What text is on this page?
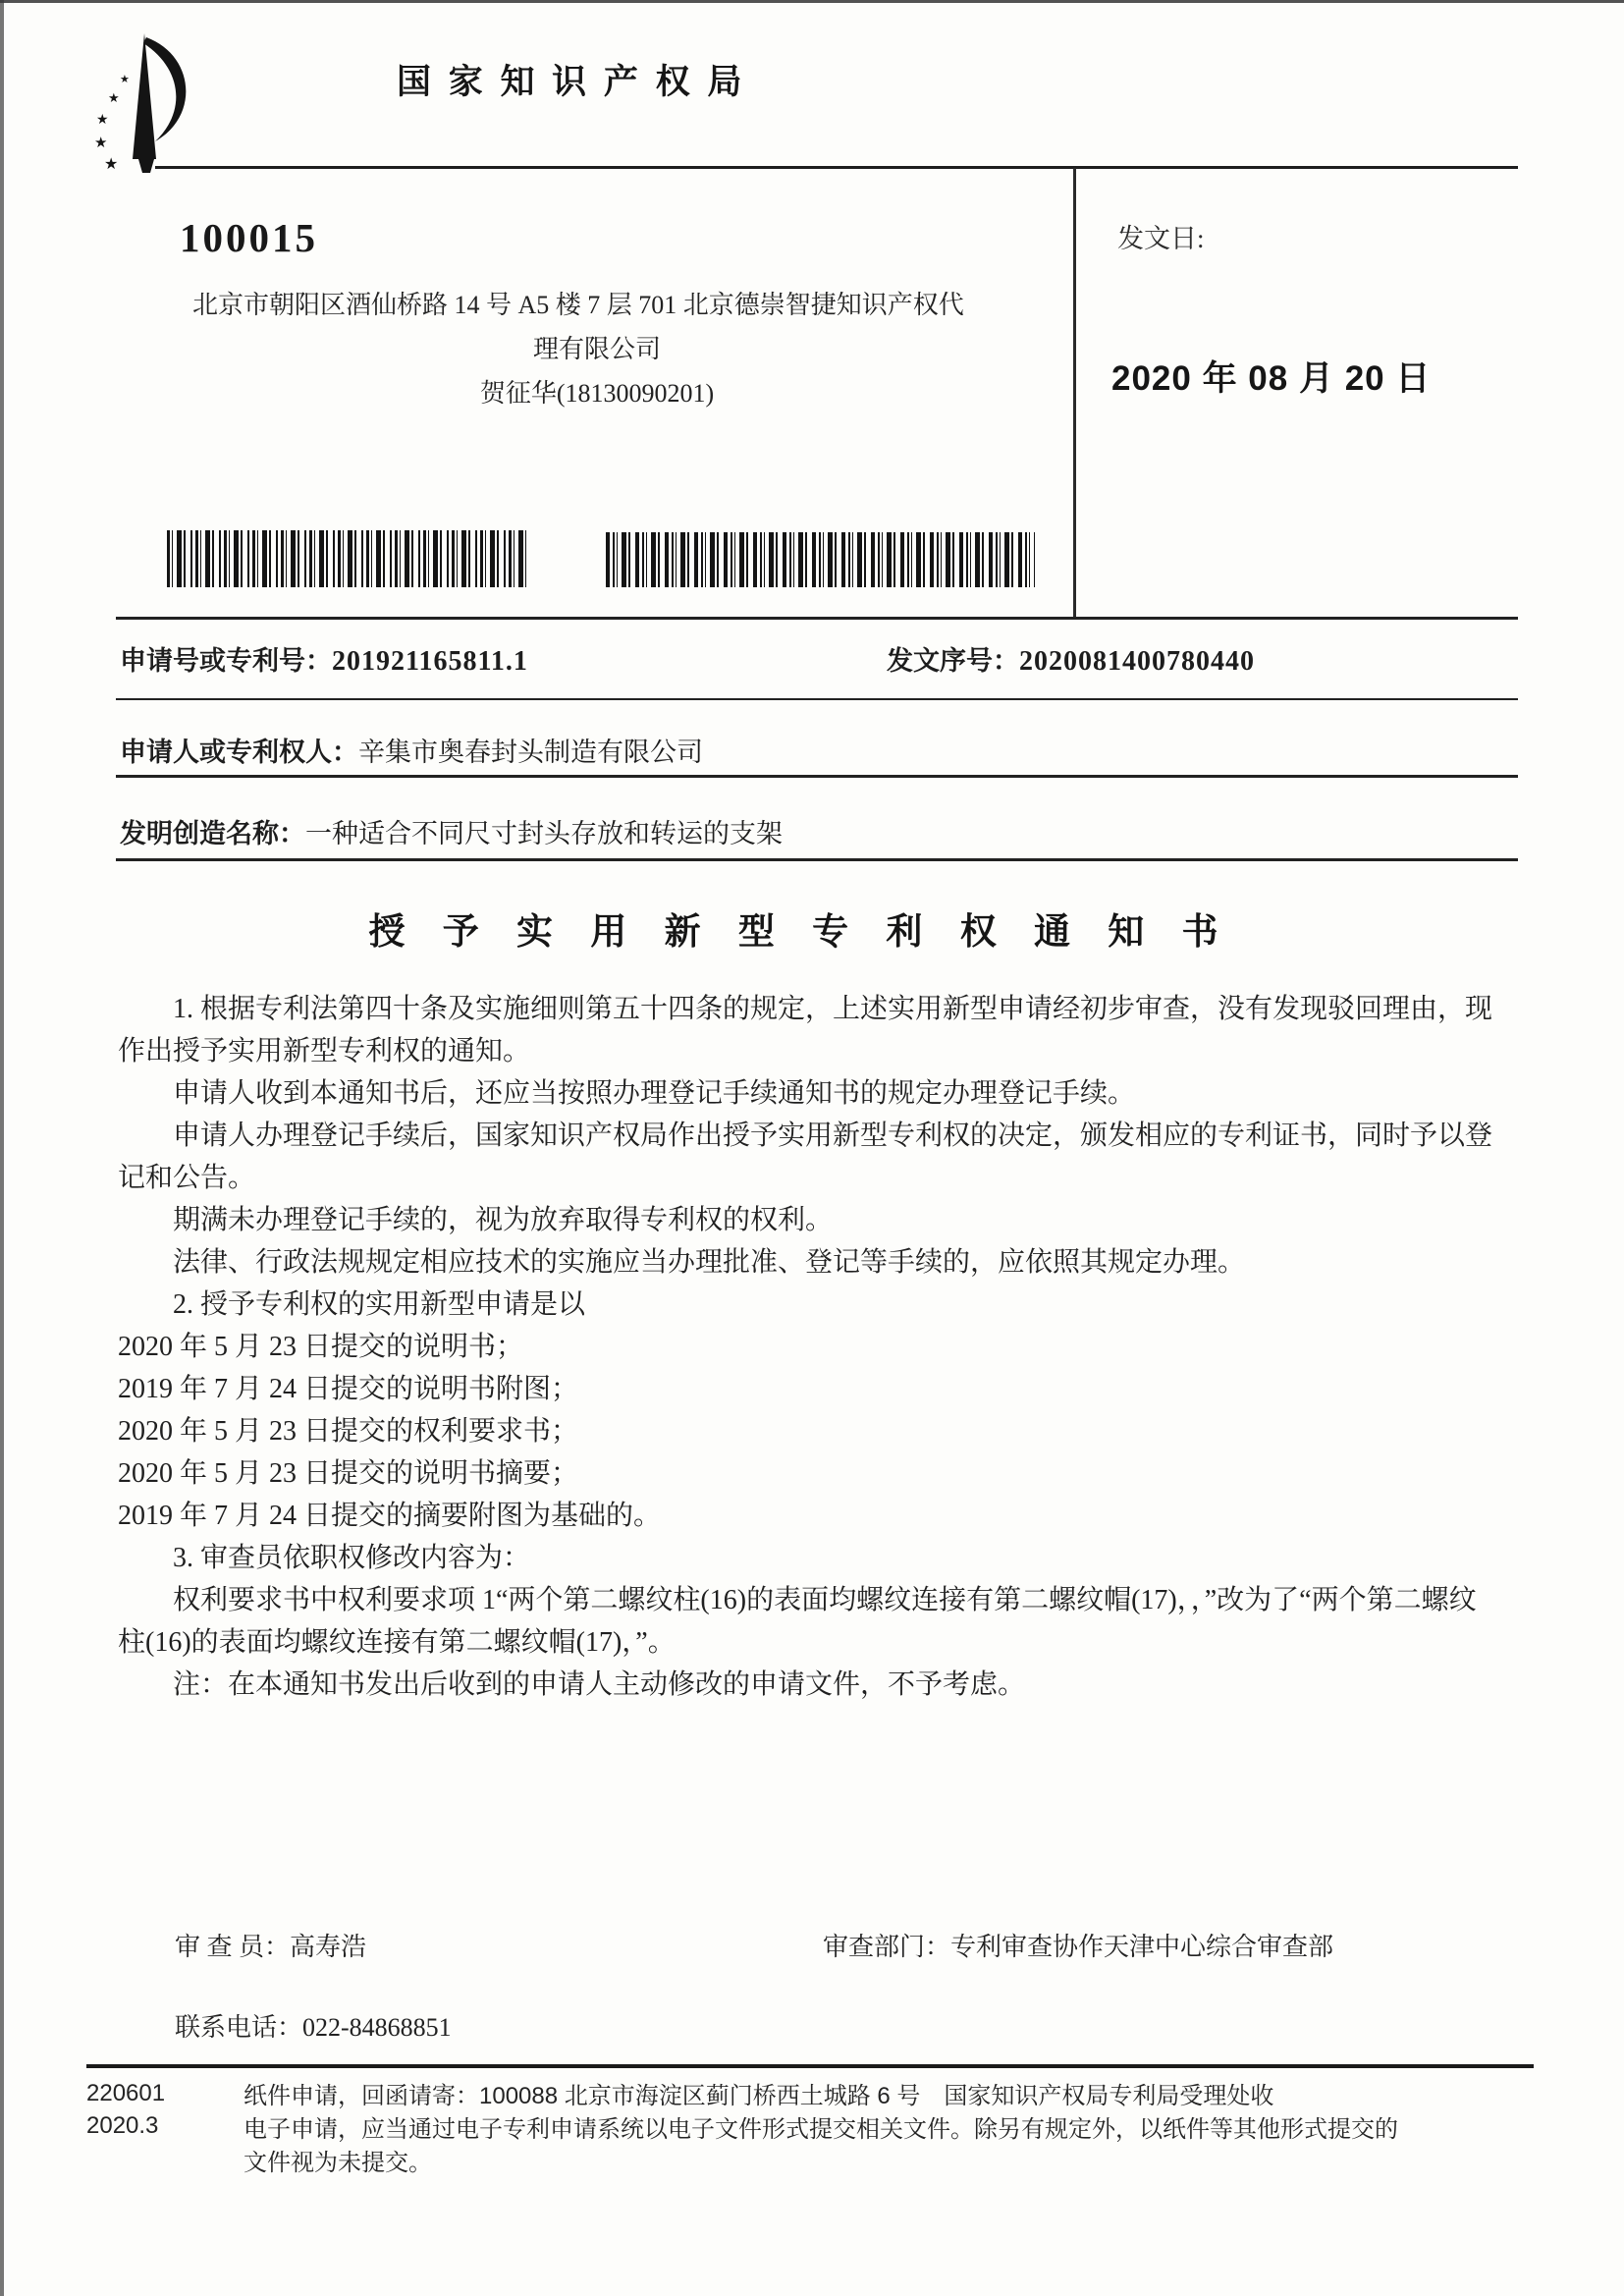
★
★
★
★
★
国 家 知 识 产 权 局
100015
北京市朝阳区酒仙桥路 14 号 A5 楼 7 层 701 北京德崇智捷知识产权代
理有限公司
贺征华(18130090201)
发文日:
2020 年 08 月 20 日
申请号或专利号：201921165811.1	发文序号：2020081400780440
申请人或专利权人：辛集市奥春封头制造有限公司
发明创造名称：一种适合不同尺寸封头存放和转运的支架
授 予 实 用 新 型 专 利 权 通 知 书

1. 根据专利法第四十条及实施细则第五十四条的规定，上述实用新型申请经初步审查，没有发现驳回理由，现作出授予实用新型专利权的通知。

申请人收到本通知书后，还应当按照办理登记手续通知书的规定办理登记手续。

申请人办理登记手续后，国家知识产权局作出授予实用新型专利权的决定，颁发相应的专利证书，同时予以登记和公告。

期满未办理登记手续的，视为放弃取得专利权的权利。

法律、行政法规规定相应技术的实施应当办理批准、登记等手续的，应依照其规定办理。

2. 授予专利权的实用新型申请是以

2020 年 5 月 23 日提交的说明书；

2019 年 7 月 24 日提交的说明书附图；

2020 年 5 月 23 日提交的权利要求书；

2020 年 5 月 23 日提交的说明书摘要；

2019 年 7 月 24 日提交的摘要附图为基础的。

3. 审查员依职权修改内容为：

权利要求书中权利要求项 1“两个第二螺纹柱(16)的表面均螺纹连接有第二螺纹帽(17)，，”改为了“两个第二螺纹柱(16)的表面均螺纹连接有第二螺纹帽(17)，”。

注：在本通知书发出后收到的申请人主动修改的申请文件，不予考虑。

审 查 员：高寿浩	审查部门：专利审查协作天津中心综合审查部
联系电话：022-84868851
220601
2020.3
纸件申请，回函请寄：100088 北京市海淀区蓟门桥西土城路 6 号　国家知识产权局专利局受理处收
电子申请，应当通过电子专利申请系统以电子文件形式提交相关文件。除另有规定外，以纸件等其他形式提交的
文件视为未提交。
